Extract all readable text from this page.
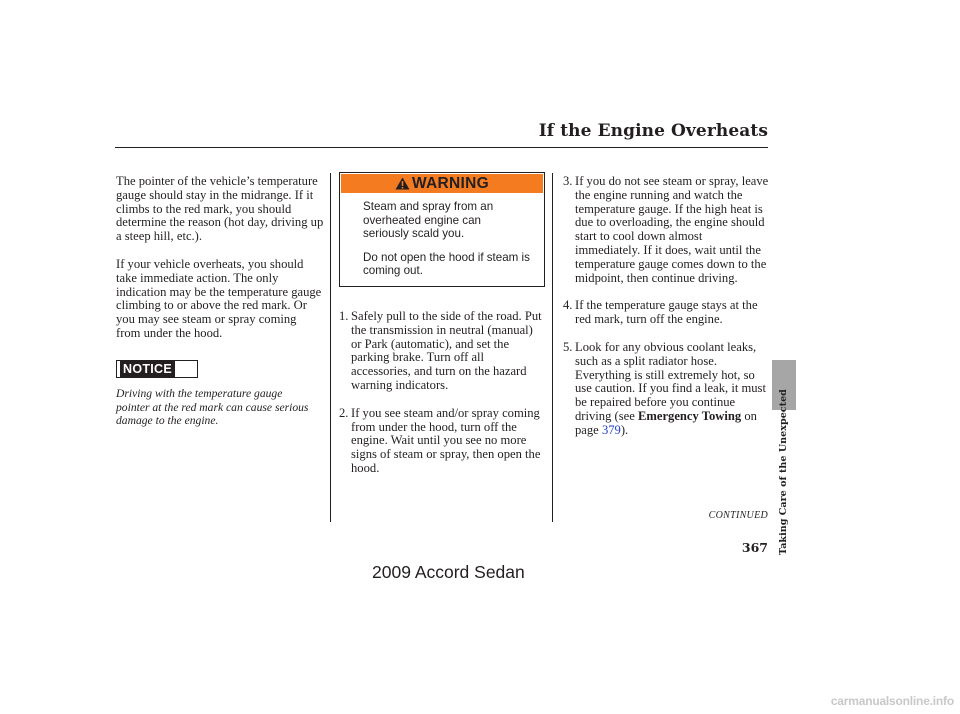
If the Engine Overheats

The pointer of the vehicle’s temperature gauge should stay in the midrange. If it climbs to the red mark, you should determine the reason (hot day, driving up a steep hill, etc.).

If your vehicle overheats, you should take immediate action. The only indication may be the temperature gauge climbing to or above the red mark. Or you may see steam or spray coming from under the hood.

NOTICE
Driving with the temperature gauge pointer at the red mark can cause serious damage to the engine.
WARNING

Steam and spray from an overheated engine can seriously scald you.

Do not open the hood if steam is coming out.

1. Safely pull to the side of the road. Put the transmission in neutral (manual) or Park (automatic), and set the parking brake. Turn off all accessories, and turn on the hazard warning indicators.
2. If you see steam and/or spray coming from under the hood, turn off the engine. Wait until you see no more signs of steam or spray, then open the hood.
3. If you do not see steam or spray, leave the engine running and watch the temperature gauge. If the high heat is due to overloading, the engine should start to cool down almost immediately. If it does, wait until the temperature gauge comes down to the midpoint, then continue driving.
4. If the temperature gauge stays at the red mark, turn off the engine.
5. Look for any obvious coolant leaks, such as a split radiator hose. Everything is still extremely hot, so use caution. If you find a leak, it must be repaired before you continue driving (see Emergency Towing on page 379).	Taking Care of the Unexpected
CONTINUED
367
2009 Accord Sedan
carmanualsonline.info
